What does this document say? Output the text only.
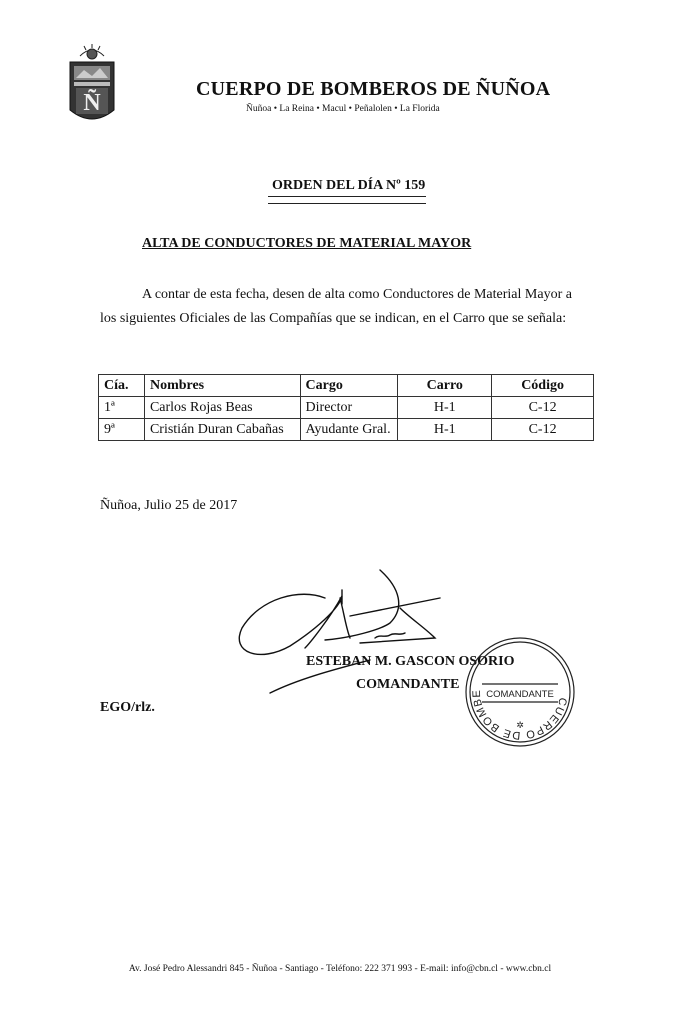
Ñ
CUERPO DE BOMBEROS DE ÑUÑOA
Ñuñoa • La Reina • Macul • Peñalolen • La Florida
ORDEN DEL DÍA Nº 159
ALTA DE CONDUCTORES DE MATERIAL MAYOR
A contar de esta fecha, desen de alta como Conductores de Material Mayor a los siguientes Oficiales de las Compañías que se indican, en el Carro que se señala:
Cía.	Nombres	Cargo	Carro	Código
1ª	Carlos Rojas Beas	Director	H-1	C-12
9ª	Cristián Duran Cabañas	Ayudante Gral.	H-1	C-12
Ñuñoa, Julio 25 de 2017
ESTEBAN M. GASCON OSORIO
COMANDANTE
EGO/rlz.	CUERPO DE BOMBE COMANDANTE
✲
Av. José Pedro Alessandri 845 - Ñuñoa - Santiago - Teléfono: 222 371 993 - E-mail: info@cbn.cl - www.cbn.cl
